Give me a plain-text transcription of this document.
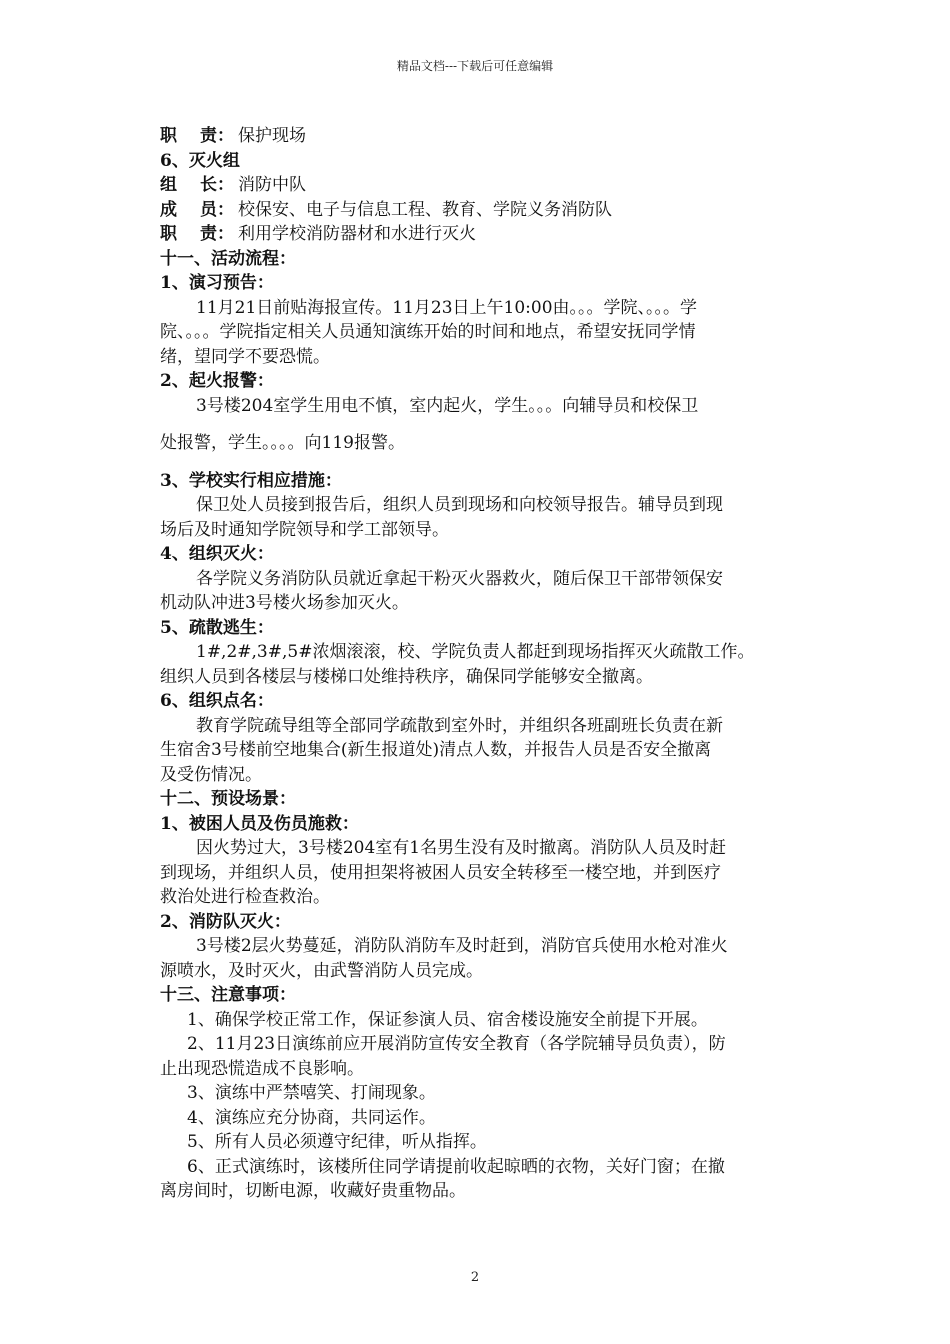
精品文档---下载后可任意编辑
职 责： 保护现场
6、灭火组
组 长： 消防中队
成 员： 校保安、电子与信息工程、教育、学院义务消防队
职 责： 利用学校消防器材和水进行灭火
十一、活动流程：
1、演习预告：
11月21日前贴海报宣传。11月23日上午10:00由。。。学院、。。。学
院、。。。学院指定相关人员通知演练开始的时间和地点，希望安抚同学情
绪，望同学不要恐慌。
2、起火报警：
3号楼204室学生用电不慎，室内起火，学生。。。向辅导员和校保卫
处报警，学生。。。。向119报警。
3、学校实行相应措施：
保卫处人员接到报告后，组织人员到现场和向校领导报告。辅导员到现
场后及时通知学院领导和学工部领导。
4、组织灭火：
各学院义务消防队员就近拿起干粉灭火器救火，随后保卫干部带领保安
机动队冲进3号楼火场参加灭火。
5、疏散逃生：
1#,2#,3#,5#浓烟滚滚，校、学院负责人都赶到现场指挥灭火疏散工作。
组织人员到各楼层与楼梯口处维持秩序，确保同学能够安全撤离。
6、组织点名：
教育学院疏导组等全部同学疏散到室外时，并组织各班副班长负责在新
生宿舍3号楼前空地集合(新生报道处)清点人数，并报告人员是否安全撤离
及受伤情况。
十二、预设场景：
1、被困人员及伤员施救：
因火势过大，3号楼204室有1名男生没有及时撤离。消防队人员及时赶
到现场，并组织人员，使用担架将被困人员安全转移至一楼空地，并到医疗
救治处进行检查救治。
2、消防队灭火：
3号楼2层火势蔓延，消防队消防车及时赶到，消防官兵使用水枪对准火
源喷水，及时灭火，由武警消防人员完成。
十三、注意事项：
1、确保学校正常工作，保证参演人员、宿舍楼设施安全前提下开展。
2、11月23日演练前应开展消防宣传安全教育（各学院辅导员负责），防
止出现恐慌造成不良影响。
3、演练中严禁嘻笑、打闹现象。
4、演练应充分协商，共同运作。
5、所有人员必须遵守纪律，听从指挥。
6、正式演练时，该楼所住同学请提前收起晾晒的衣物，关好门窗；在撤
离房间时，切断电源，收藏好贵重物品。
2
